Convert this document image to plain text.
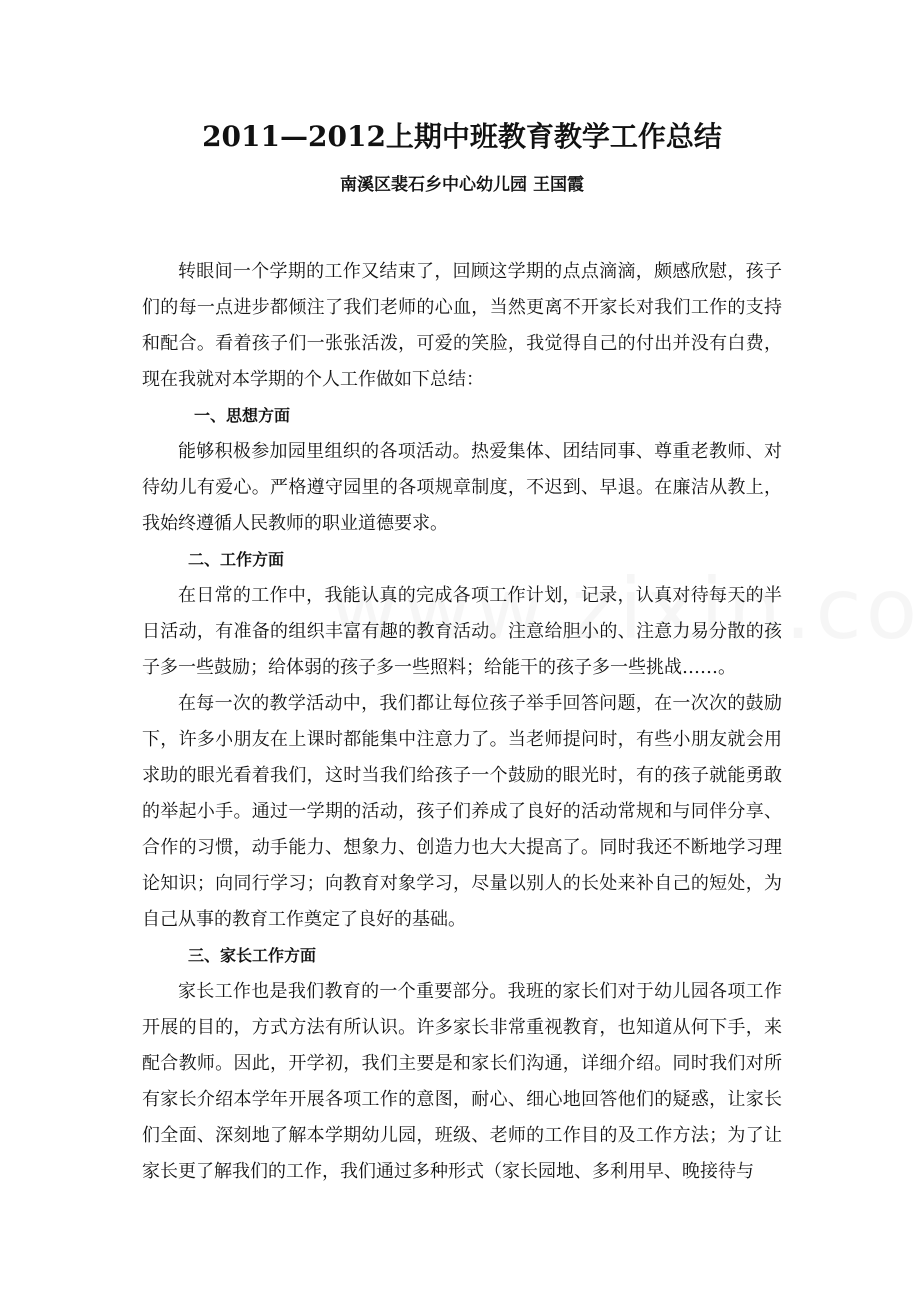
2011—2012上期中班教育教学工作总结
南溪区裴石乡中心幼儿园 王国霞

转眼间一个学期的工作又结束了，回顾这学期的点点滴滴，颇感欣慰，孩子们的每一点进步都倾注了我们老师的心血，当然更离不开家长对我们工作的支持和配合。看着孩子们一张张活泼，可爱的笑脸，我觉得自己的付出并没有白费，现在我就对本学期的个人工作做如下总结：

一、思想方面

能够积极参加园里组织的各项活动。热爱集体、团结同事、尊重老教师、对待幼儿有爱心。严格遵守园里的各项规章制度，不迟到、早退。在廉洁从教上，我始终遵循人民教师的职业道德要求。

二、工作方面

在日常的工作中，我能认真的完成各项工作计划，记录，认真对待每天的半日活动，有准备的组织丰富有趣的教育活动。注意给胆小的、注意力易分散的孩子多一些鼓励；给体弱的孩子多一些照料；给能干的孩子多一些挑战……。

在每一次的教学活动中，我们都让每位孩子举手回答问题，在一次次的鼓励下，许多小朋友在上课时都能集中注意力了。当老师提问时，有些小朋友就会用求助的眼光看着我们，这时当我们给孩子一个鼓励的眼光时，有的孩子就能勇敢的举起小手。通过一学期的活动，孩子们养成了良好的活动常规和与同伴分享、合作的习惯，动手能力、想象力、创造力也大大提高了。同时我还不断地学习理论知识；向同行学习；向教育对象学习，尽量以别人的长处来补自己的短处，为自己从事的教育工作奠定了良好的基础。

三、家长工作方面

家长工作也是我们教育的一个重要部分。我班的家长们对于幼儿园各项工作开展的目的，方式方法有所认识。许多家长非常重视教育，也知道从何下手，来配合教师。因此，开学初，我们主要是和家长们沟通，详细介绍。同时我们对所有家长介绍本学年开展各项工作的意图，耐心、细心地回答他们的疑惑，让家长们全面、深刻地了解本学期幼儿园，班级、老师的工作目的及工作方法；为了让家长更了解我们的工作，我们通过多种形式（家长园地、多利用早、晚接待与
